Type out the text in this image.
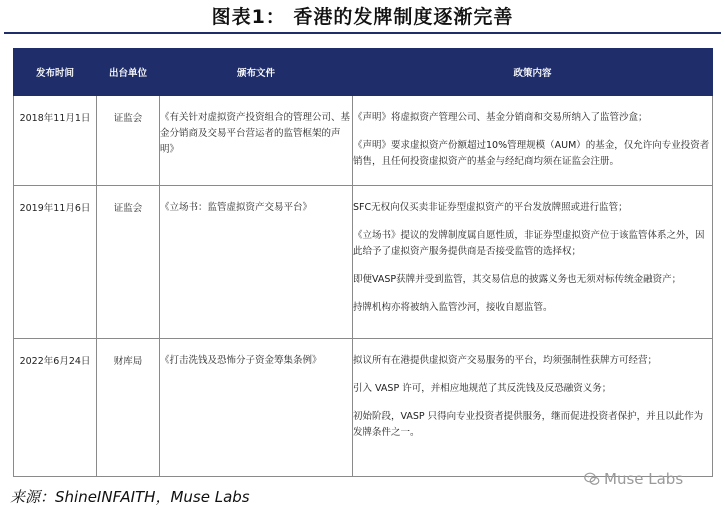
图表1： 香港的发牌制度逐渐完善
发布时间	出台单位	颁布文件	政策内容

2018年11月1日	证监会	《有关针对虚拟资产投资组合的管理公司、基金分销商及交易平台营运者的监管框架的声明》	《声明》将虚拟资产管理公司、基金分销商和交易所纳入了监管沙盒；
《声明》要求虚拟资产份额超过10%管理规模（AUM）的基金，仅允许向专业投资者销售，且任何投资虚拟资产的基金与经纪商均须在证监会注册。

2019年11月6日	证监会	《立场书：监管虚拟资产交易平台》	SFC无权向仅买卖非证券型虚拟资产的平台发放牌照或进行监管；
《立场书》提议的发牌制度属自愿性质，非证券型虚拟资产位于该监管体系之外，因此给予了虚拟资产服务提供商是否接受监管的选择权；
即便VASP获牌并受到监管，其交易信息的披露义务也无须对标传统金融资产；
持牌机构亦将被纳入监管沙河，接收自愿监管。

2022年6月24日	财库局	《打击洗钱及恐怖分子资金筹集条例》	拟议所有在港提供虚拟资产交易服务的平台，均须强制性获牌方可经营；
引入 VASP 许可，并相应地规范了其反洗钱及反恐融资义务；
初始阶段，VASP 只得向专业投资者提供服务，继而促进投资者保护，并且以此作为发牌条件之一。
Muse Labs
来源：ShineINFAITH，Muse Labs
